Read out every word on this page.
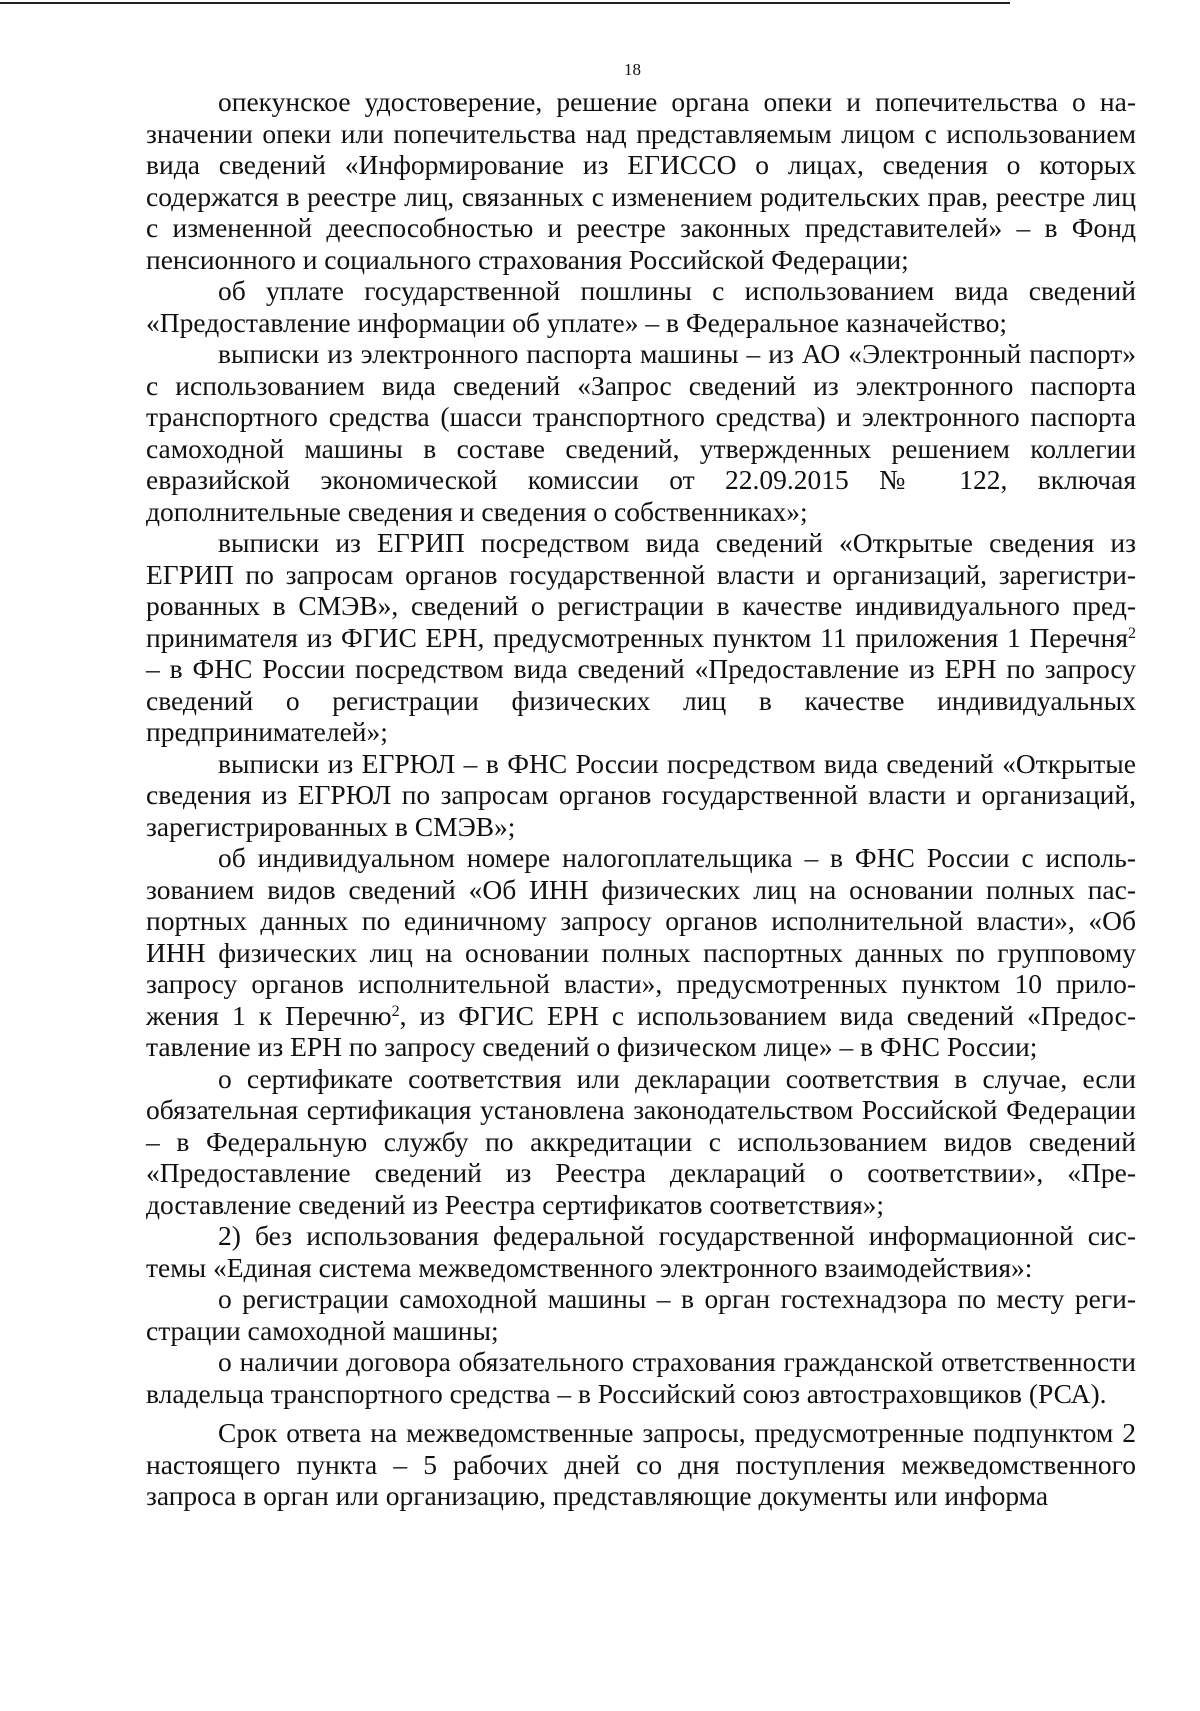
18

опекунское удостоверение, решение органа опеки и попечительства о назначении опеки или попечительства над представляемым лицом с использованием вида сведений «Информирование из ЕГИССО о лицах, сведения о которых содержатся в реестре лиц, связанных с изменением родительских прав, реестре лиц с измененной дееспособностью и реестре законных представителей» – в Фонд пенсионного и социального страхования Российской Федерации;

об уплате государственной пошлины с использованием вида сведений «Предоставление информации об уплате» – в Федеральное казначейство;

выписки из электронного паспорта машины – из АО «Электронный паспорт» с использованием вида сведений «Запрос сведений из электронного паспорта транспортного средства (шасси транспортного средства) и электронного паспорта самоходной машины в составе сведений, утвержденных решением коллегии евразийской экономической комиссии от 22.09.2015 № 122, включая дополнительные сведения и сведения о собственниках»;

выписки из ЕГРИП посредством вида сведений «Открытые сведения из ЕГРИП по запросам органов государственной власти и организаций, зарегистрированных в СМЭВ», сведений о регистрации в качестве индивидуального предпринимателя из ФГИС ЕРН, предусмотренных пунктом 11 приложения 1 Перечня$^2$ – в ФНС России посредством вида сведений «Предоставление из ЕРН по запросу сведений о регистрации физических лиц в качестве индивидуальных предпринимателей»;

выписки из ЕГРЮЛ – в ФНС России посредством вида сведений «Открытые сведения из ЕГРЮЛ по запросам органов государственной власти и организаций, зарегистрированных в СМЭВ»;

об индивидуальном номере налогоплательщика – в ФНС России с использованием видов сведений «Об ИНН физических лиц на основании полных паспортных данных по единичному запросу органов исполнительной власти», «Об ИНН физических лиц на основании полных паспортных данных по групповому запросу органов исполнительной власти», предусмотренных пунктом 10 приложения 1 к Перечню$^2$, из ФГИС ЕРН с использованием вида сведений «Предоставление из ЕРН по запросу сведений о физическом лице» – в ФНС России;

о сертификате соответствия или декларации соответствия в случае, если обязательная сертификация установлена законодательством Российской Федерации – в Федеральную службу по аккредитации с использованием видов сведений «Предоставление сведений из Реестра деклараций о соответствии», «Предоставление сведений из Реестра сертификатов соответствия»;

2) без использования федеральной государственной информационной системы «Единая система межведомственного электронного взаимодействия»:

о регистрации самоходной машины – в орган гостехнадзора по месту регистрации самоходной машины;

о наличии договора обязательного страхования гражданской ответственности владельца транспортного средства – в Российский союз автостраховщиков (РСА).

Срок ответа на межведомственные запросы, предусмотренные подпунктом 2 настоящего пункта – 5 рабочих дней со дня поступления межведомственного запроса в орган или организацию, представляющие документы или информа
